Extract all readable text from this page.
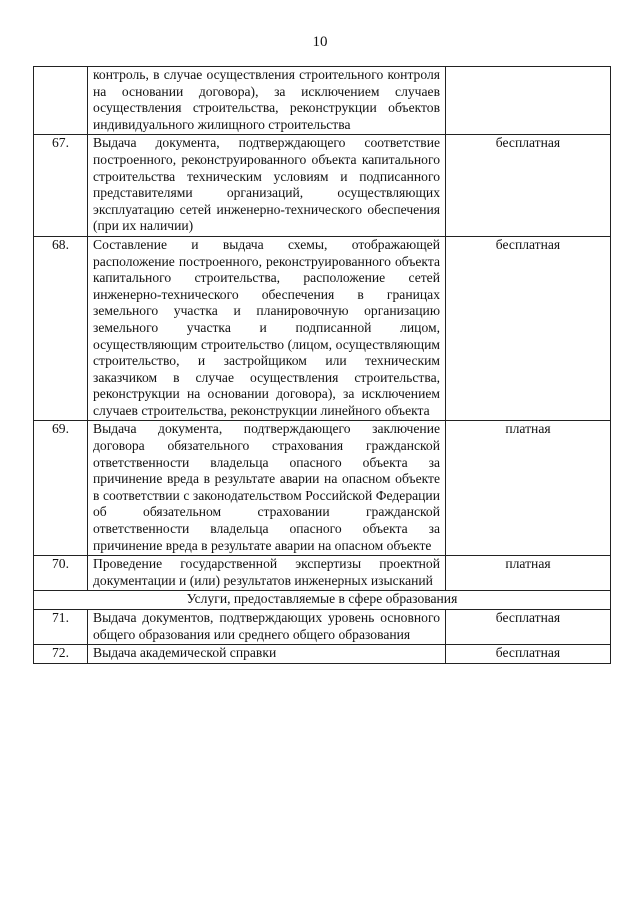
10
	контроль, в случае осуществления строительного контроля на основании договора), за исключением случаев осуществления строительства, реконструкции объектов индивидуального жилищного строительства	
67.	Выдача документа, подтверждающего соответствие построенного, реконструированного объекта капитального строительства техническим условиям и подписанного представителями организаций, осуществляющих эксплуатацию сетей инженерно-технического обеспечения (при их наличии)	бесплатная
68.	Составление и выдача схемы, отображающей расположение построенного, реконструированного объекта капитального строительства, расположение сетей инженерно-технического обеспечения в границах земельного участка и планировочную организацию земельного участка и подписанной лицом, осуществляющим строительство (лицом, осуществляющим строительство, и застройщиком или техническим заказчиком в случае осуществления строительства, реконструкции на основании договора), за исключением случаев строительства, реконструкции линейного объекта	бесплатная
69.	Выдача документа, подтверждающего заключение договора обязательного страхования гражданской ответственности владельца опасного объекта за причинение вреда в результате аварии на опасном объекте в соответствии с законодательством Российской Федерации об обязательном страховании гражданской ответственности владельца опасного объекта за причинение вреда в результате аварии на опасном объекте	платная
70.	Проведение государственной экспертизы проектной документации и (или) результатов инженерных изысканий	платная
Услуги, предоставляемые в сфере образования		
71.	Выдача документов, подтверждающих уровень основного общего образования или среднего общего образования	бесплатная
72.	Выдача академической справки	бесплатная
